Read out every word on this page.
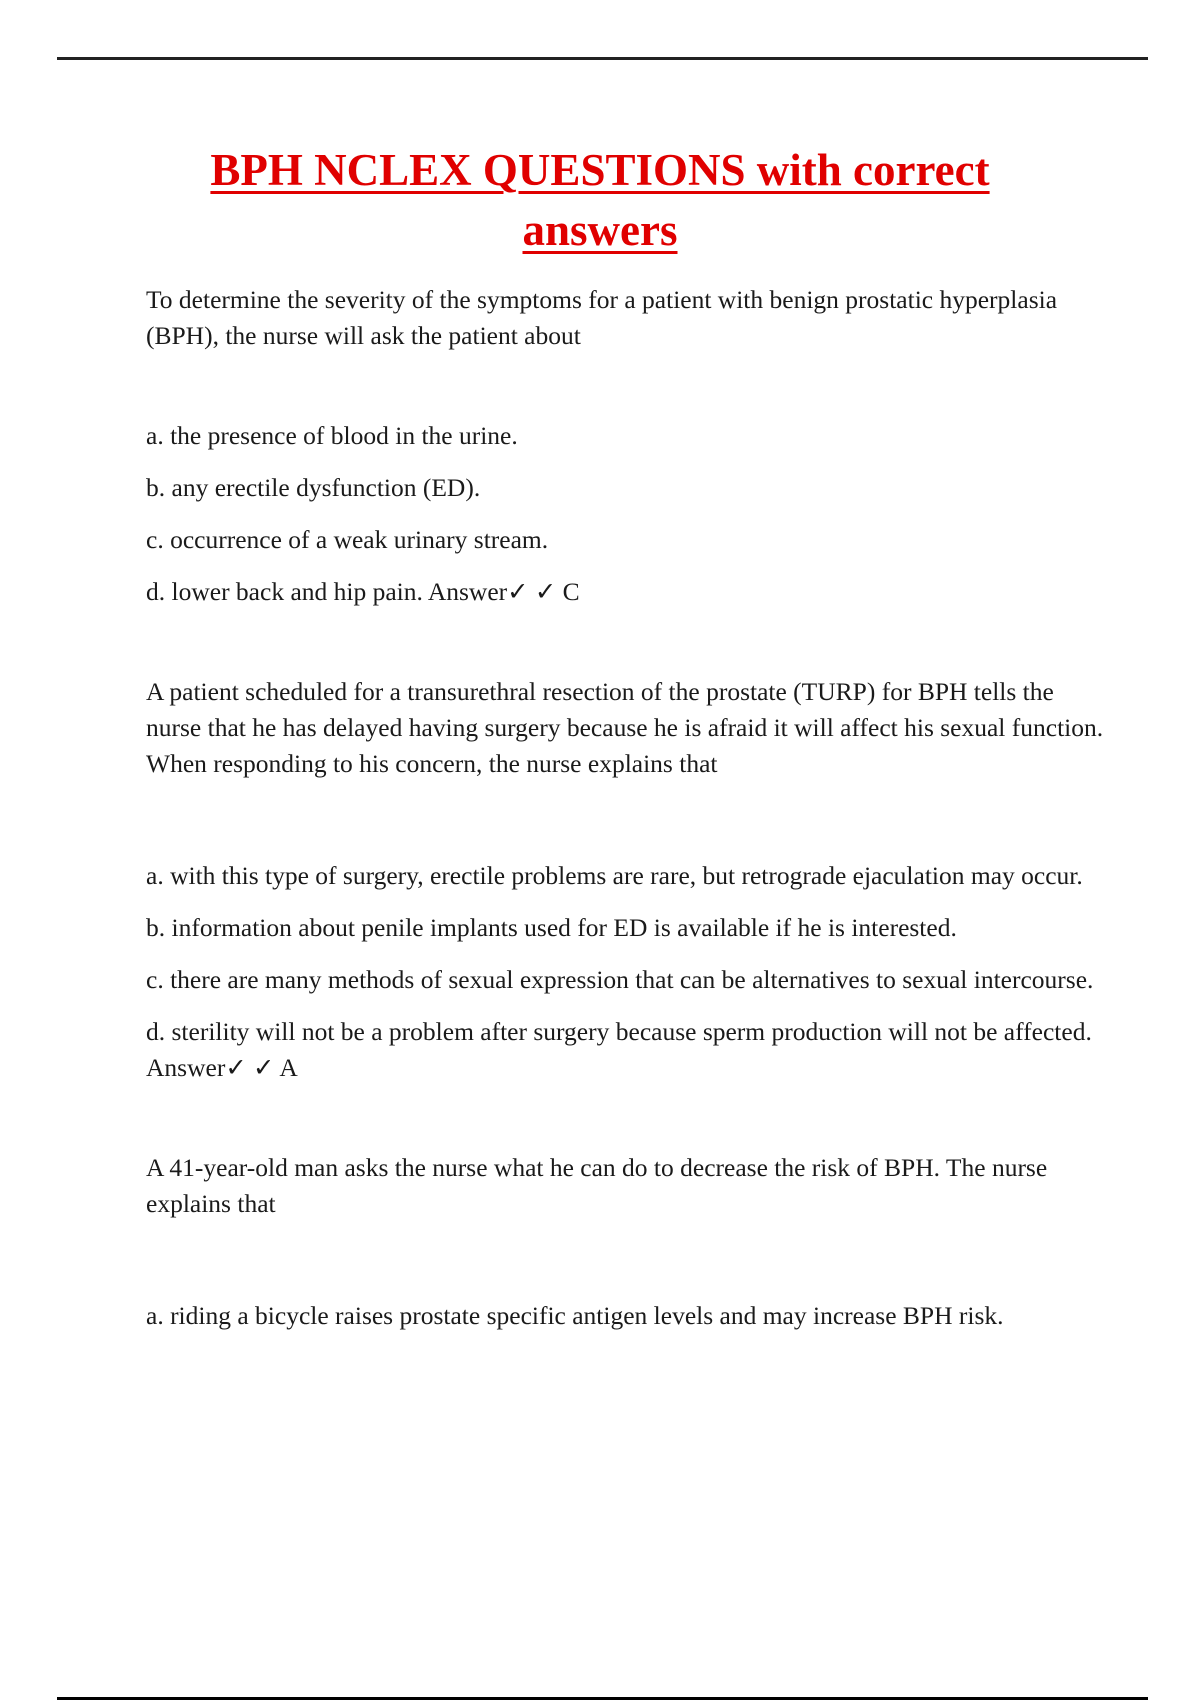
BPH NCLEX QUESTIONS with correct
answers

To determine the severity of the symptoms for a patient with benign prostatic hyperplasia (BPH), the nurse will ask the patient about

a. the presence of blood in the urine.

b. any erectile dysfunction (ED).

c. occurrence of a weak urinary stream.

d. lower back and hip pain. Answer✓ ✓ C

A patient scheduled for a transurethral resection of the prostate (TURP) for BPH tells the nurse that he has delayed having surgery because he is afraid it will affect his sexual function. When responding to his concern, the nurse explains that

a. with this type of surgery, erectile problems are rare, but retrograde ejaculation may occur.

b. information about penile implants used for ED is available if he is interested.

c. there are many methods of sexual expression that can be alternatives to sexual intercourse.

d. sterility will not be a problem after surgery because sperm production will not be affected. Answer✓ ✓ A

A 41-year-old man asks the nurse what he can do to decrease the risk of BPH. The nurse explains that

a. riding a bicycle raises prostate specific antigen levels and may increase BPH risk.
